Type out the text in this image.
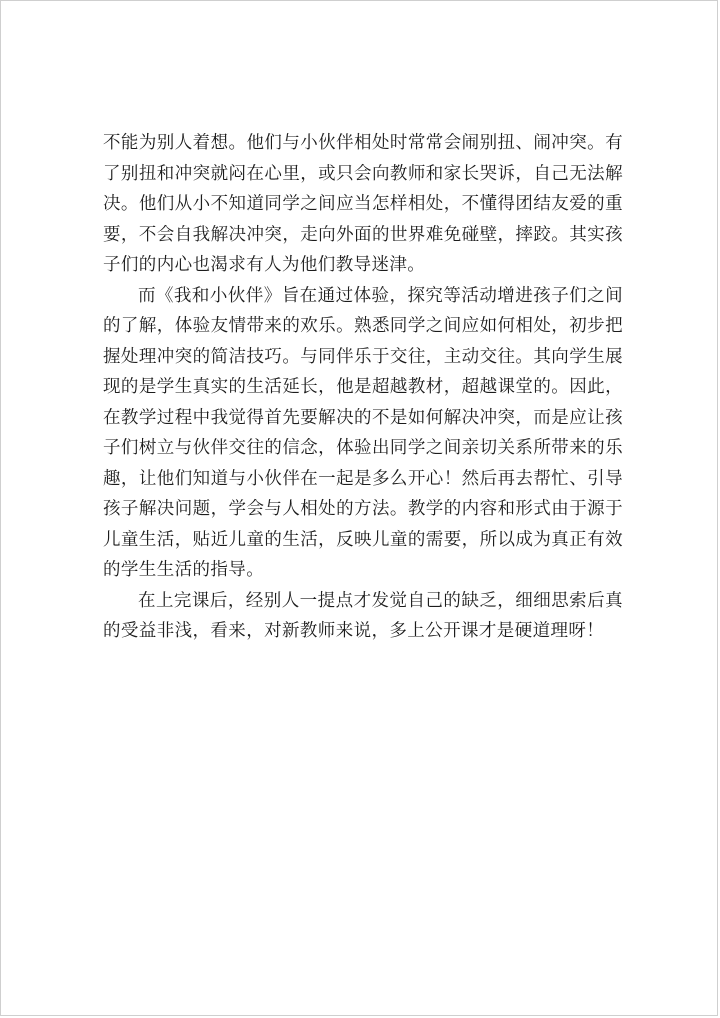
不能为别人着想。他们与小伙伴相处时常常会闹别扭、闹冲突。有了别扭和冲突就闷在心里，或只会向教师和家长哭诉，自己无法解决。他们从小不知道同学之间应当怎样相处，不懂得团结友爱的重要，不会自我解决冲突，走向外面的世界难免碰壁，摔跤。其实孩子们的内心也渴求有人为他们教导迷津。

而《我和小伙伴》旨在通过体验，探究等活动增进孩子们之间的了解，体验友情带来的欢乐。熟悉同学之间应如何相处，初步把握处理冲突的简洁技巧。与同伴乐于交往，主动交往。其向学生展现的是学生真实的生活延长，他是超越教材，超越课堂的。因此，在教学过程中我觉得首先要解决的不是如何解决冲突，而是应让孩子们树立与伙伴交往的信念，体验出同学之间亲切关系所带来的乐趣，让他们知道与小伙伴在一起是多么开心！然后再去帮忙、引导孩子解决问题，学会与人相处的方法。教学的内容和形式由于源于儿童生活，贴近儿童的生活，反映儿童的需要，所以成为真正有效的学生生活的指导。

在上完课后，经别人一提点才发觉自己的缺乏，细细思索后真的受益非浅，看来，对新教师来说，多上公开课才是硬道理呀！
